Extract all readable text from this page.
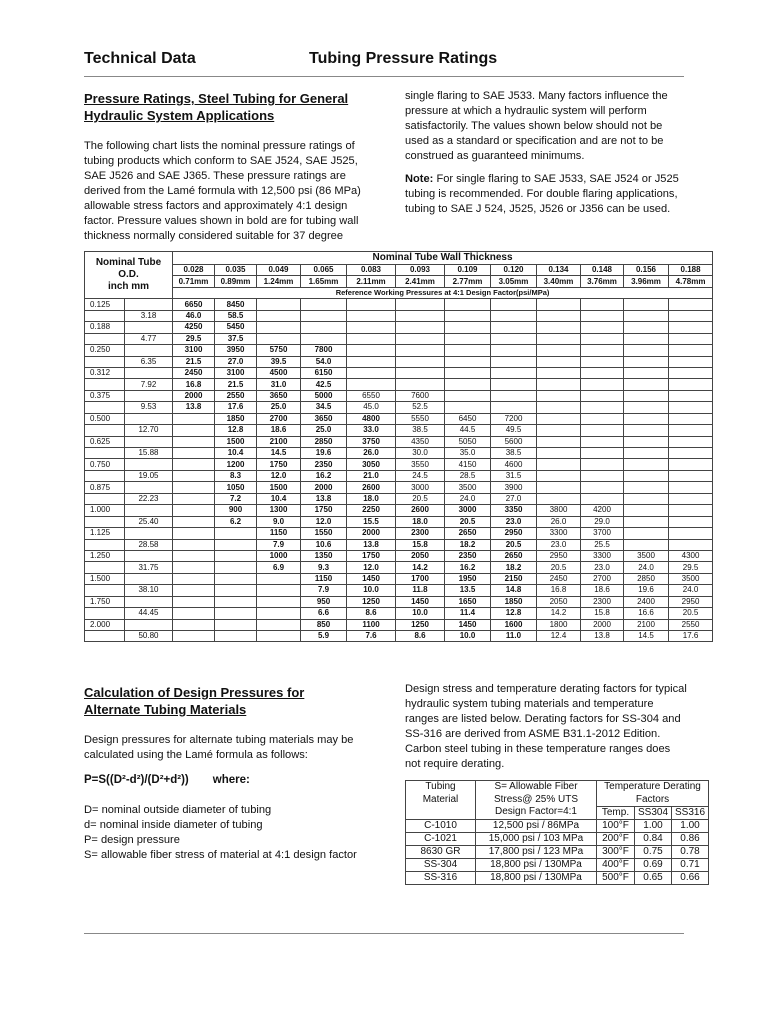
Technical Data	Tubing Pressure Ratings
Pressure Ratings, Steel Tubing for General
Hydraulic System Applications
The following chart lists the nominal pressure ratings of
tubing products which conform to SAE J524, SAE J525,
SAE J526 and SAE J365. These pressure ratings are
derived from the Lamé formula with 12,500 psi (86 MPa)
allowable stress factors and approximately 4:1 design
factor. Pressure values shown in bold are for tubing wall
thickness normally considered suitable for 37 degree
single flaring to SAE J533. Many factors influence the
pressure at which a hydraulic system will perform
satisfactorily. The values shown below should not be
used as a standard or specification and are not to be
construed as guaranteed minimums.
Note: For single flaring to SAE J533, SAE J524 or J525
tubing is recommended. For double flaring applications,
tubing to SAE J 524, J525, J526 or J356 can be used.
Nominal Tube
O.D.
inch mm		Nominal Tube Wall Thickness											
		0.028	0.035	0.049	0.065	0.083	0.093	0.109	0.120	0.134	0.148	0.156	0.188
		0.71mm	0.89mm	1.24mm	1.65mm	2.11mm	2.41mm	2.77mm	3.05mm	3.40mm	3.76mm	3.96mm	4.78mm
		Reference Working Pressures at 4:1 Design Factor(psi/MPa)											
0.125		6650	8450										
	3.18	46.0	58.5										
0.188		4250	5450										
	4.77	29.5	37.5										
0.250		3100	3950	5750	7800								
	6.35	21.5	27.0	39.5	54.0								
0.312		2450	3100	4500	6150								
	7.92	16.8	21.5	31.0	42.5								
0.375		2000	2550	3650	5000	6550	7600						
	9.53	13.8	17.6	25.0	34.5	45.0	52.5						
0.500			1850	2700	3650	4800	5550	6450	7200				
	12.70		12.8	18.6	25.0	33.0	38.5	44.5	49.5				
0.625			1500	2100	2850	3750	4350	5050	5600				
	15.88		10.4	14.5	19.6	26.0	30.0	35.0	38.5				
0.750			1200	1750	2350	3050	3550	4150	4600				
	19.05		8.3	12.0	16.2	21.0	24.5	28.5	31.5				
0.875			1050	1500	2000	2600	3000	3500	3900				
	22.23		7.2	10.4	13.8	18.0	20.5	24.0	27.0				
1.000			900	1300	1750	2250	2600	3000	3350	3800	4200		
	25.40		6.2	9.0	12.0	15.5	18.0	20.5	23.0	26.0	29.0		
1.125				1150	1550	2000	2300	2650	2950	3300	3700		
	28.58			7.9	10.6	13.8	15.8	18.2	20.5	23.0	25.5		
1.250				1000	1350	1750	2050	2350	2650	2950	3300	3500	4300
	31.75			6.9	9.3	12.0	14.2	16.2	18.2	20.5	23.0	24.0	29.5
1.500					1150	1450	1700	1950	2150	2450	2700	2850	3500
	38.10				7.9	10.0	11.8	13.5	14.8	16.8	18.6	19.6	24.0
1.750					950	1250	1450	1650	1850	2050	2300	2400	2950
	44.45				6.6	8.6	10.0	11.4	12.8	14.2	15.8	16.6	20.5
2.000					850	1100	1250	1450	1600	1800	2000	2100	2550
	50.80				5.9	7.6	8.6	10.0	11.0	12.4	13.8	14.5	17.6
Calculation of Design Pressures for
Alternate Tubing Materials
Design pressures for alternate tubing materials may be
calculated using the Lamé formula as follows:
P=S((D²-d²)/(D²+d²)) where:
D= nominal outside diameter of tubing
d= nominal inside diameter of tubing
P= design pressure
S= allowable fiber stress of material at 4:1 design factor
Design stress and temperature derating factors for typical
hydraulic system tubing materials and temperature
ranges are listed below. Derating factors for SS-304 and
SS-316 are derived from ASME B31.1-2012 Edition.
Carbon steel tubing in these temperature ranges does
not require derating.
Tubing Material	S= Allowable Fiber Stress@ 25% UTS Design Factor=4:1	Temperature Derating Factors		
		Temp.	SS304	SS316
C-1010	12,500 psi / 86MPa	100°F	1.00	1.00
C-1021	15,000 psi / 103 MPa	200°F	0.84	0.86
8630 GR	17,800 psi / 123 MPa	300°F	0.75	0.78
SS-304	18,800 psi / 130MPa	400°F	0.69	0.71
SS-316	18,800 psi / 130MPa	500°F	0.65	0.66
